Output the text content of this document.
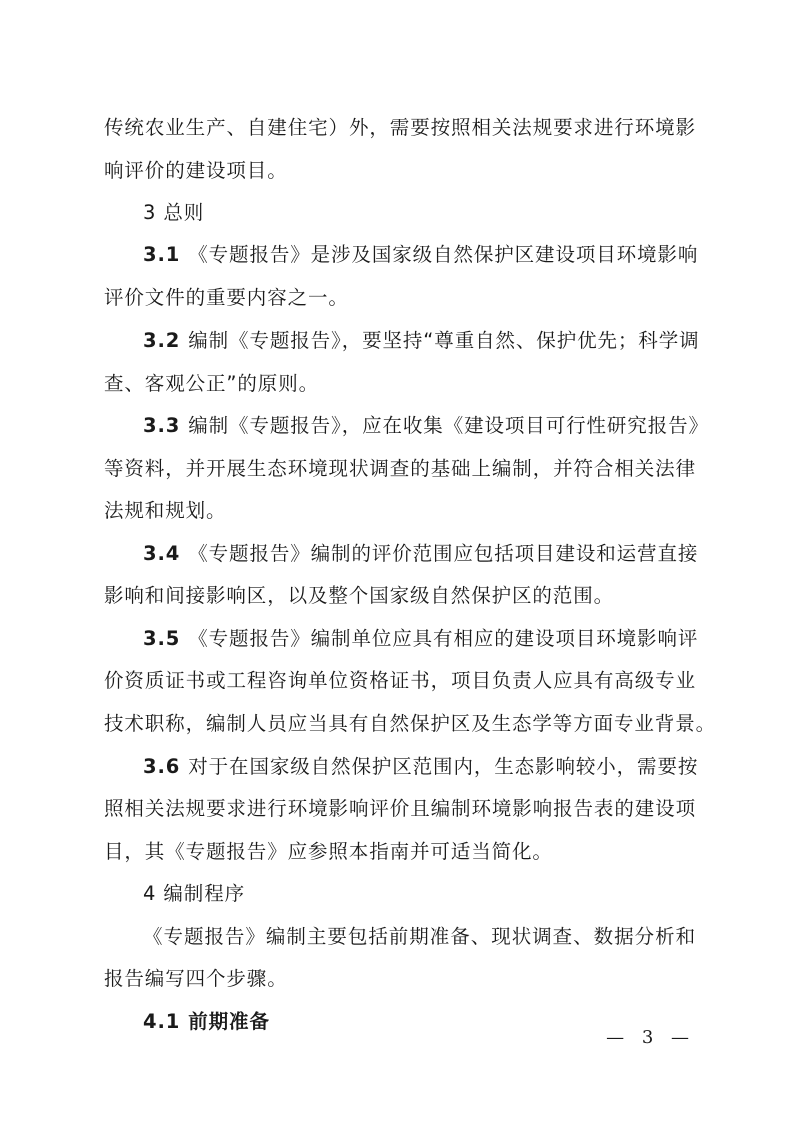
传统农业生产、自建住宅）外，需要按照相关法规要求进行环境影
响评价的建设项目。
3 总则
3.1 《专题报告》是涉及国家级自然保护区建设项目环境影响
评价文件的重要内容之一。
3.2 编制《专题报告》，要坚持“尊重自然、保护优先；科学调
查、客观公正”的原则。
3.3 编制《专题报告》，应在收集《建设项目可行性研究报告》
等资料，并开展生态环境现状调查的基础上编制，并符合相关法律
法规和规划。
3.4 《专题报告》编制的评价范围应包括项目建设和运营直接
影响和间接影响区，以及整个国家级自然保护区的范围。
3.5 《专题报告》编制单位应具有相应的建设项目环境影响评
价资质证书或工程咨询单位资格证书，项目负责人应具有高级专业
技术职称，编制人员应当具有自然保护区及生态学等方面专业背景。
3.6 对于在国家级自然保护区范围内，生态影响较小，需要按
照相关法规要求进行环境影响评价且编制环境影响报告表的建设项
目，其《专题报告》应参照本指南并可适当简化。
4 编制程序
《专题报告》编制主要包括前期准备、现状调查、数据分析和
报告编写四个步骤。
4.1 前期准备
— 3 —
